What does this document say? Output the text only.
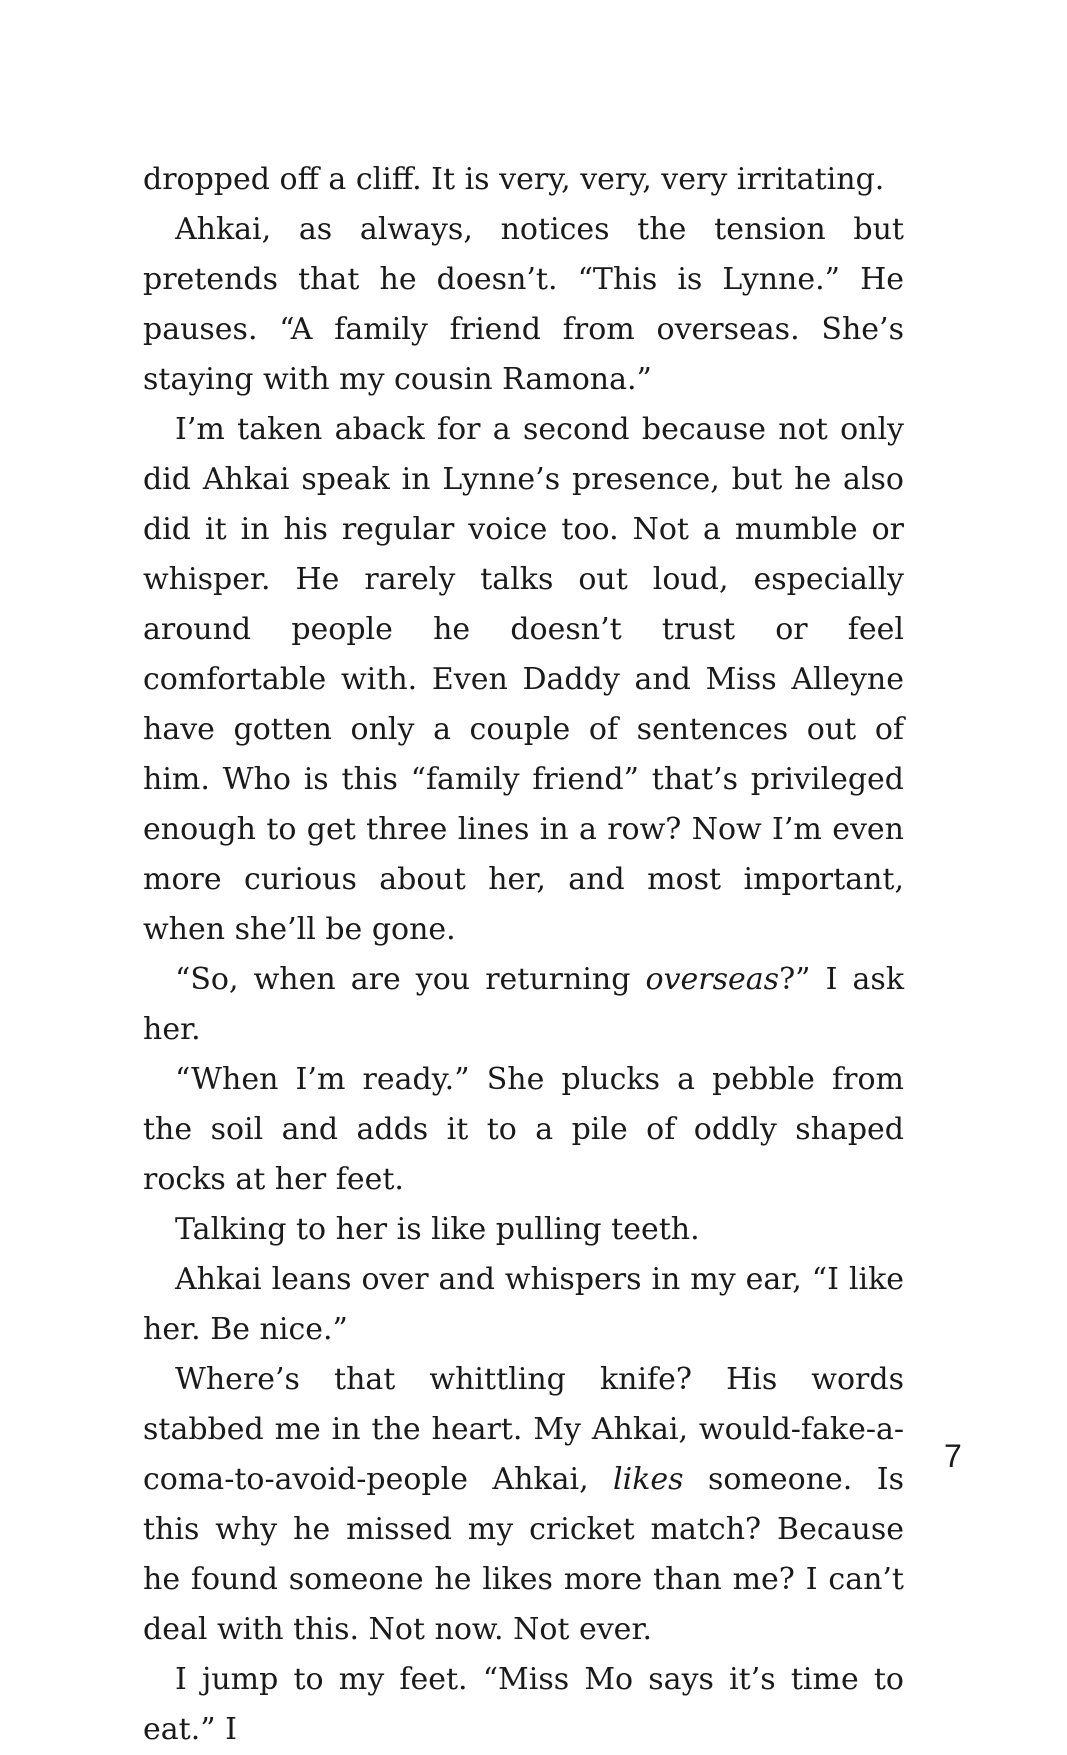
dropped off a cliff. It is very, very, very irritating.

Ahkai, as always, notices the tension but pretends that he doesn’t. “This is Lynne.” He pauses. “A family friend from overseas. She’s staying with my cousin Ramona.”

I’m taken aback for a second because not only did Ahkai speak in Lynne’s presence, but he also did it in his regular voice too. Not a mumble or whisper. He rarely talks out loud, especially around people he doesn’t trust or feel comfortable with. Even Daddy and Miss Alleyne have gotten only a couple of sentences out of him. Who is this “family friend” that’s privileged enough to get three lines in a row? Now I’m even more curious about her, and most important, when she’ll be gone.

“So, when are you returning overseas?” I ask her.

“When I’m ready.” She plucks a pebble from the soil and adds it to a pile of oddly shaped rocks at her feet.

Talking to her is like pulling teeth.

Ahkai leans over and whispers in my ear, “I like her. Be nice.”

Where’s that whittling knife? His words stabbed me in the heart. My Ahkai, would-fake-a-coma-to-avoid-people Ahkai, likes someone. Is this why he missed my cricket match? Because he found someone he likes more than me? I can’t deal with this. Not now. Not ever.

I jump to my feet. “Miss Mo says it’s time to eat.” I

7
